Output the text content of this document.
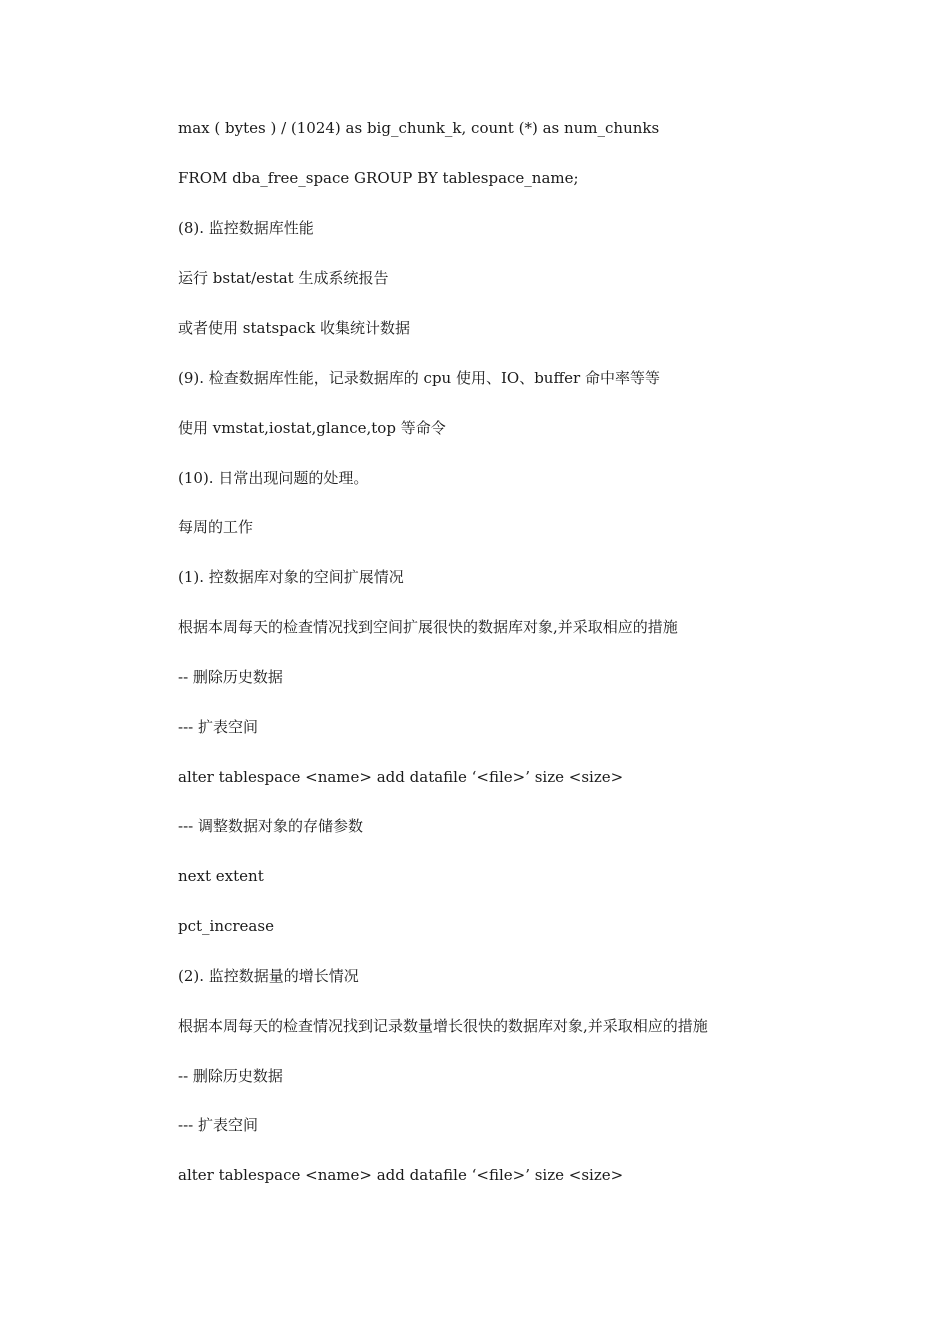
max ( bytes ) / (1024) as big_chunk_k, count (*) as num_chunks

FROM dba_free_space GROUP BY tablespace_name;

(8). 监控数据库性能

运行 bstat/estat 生成系统报告

或者使用 statspack 收集统计数据

(9). 检查数据库性能，记录数据库的 cpu 使用、IO、buffer 命中率等等

使用 vmstat,iostat,glance,top 等命令

(10). 日常出现问题的处理。

每周的工作

(1). 控数据库对象的空间扩展情况

根据本周每天的检查情况找到空间扩展很快的数据库对象,并采取相应的措施

-- 删除历史数据

--- 扩表空间

alter tablespace <name> add datafile ‘<file>’ size <size>

--- 调整数据对象的存储参数

next extent

pct_increase

(2). 监控数据量的增长情况

根据本周每天的检查情况找到记录数量增长很快的数据库对象,并采取相应的措施

-- 删除历史数据

--- 扩表空间

alter tablespace <name> add datafile ‘<file>’ size <size>
